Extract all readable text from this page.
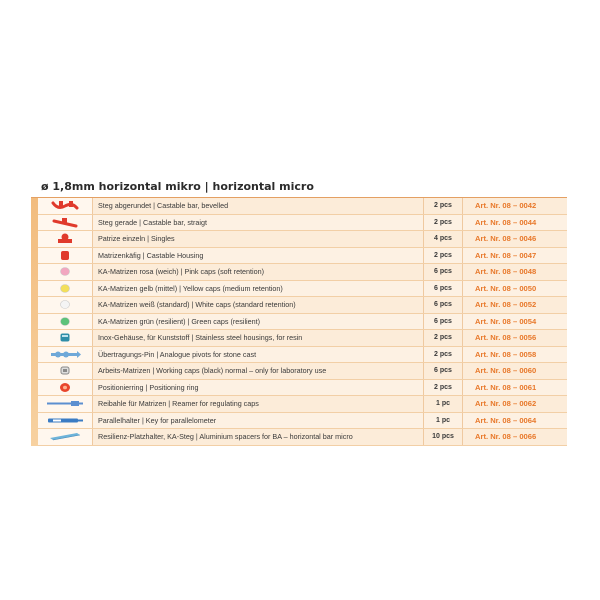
ø 1,8mm horizontal mikro | horizontal micro
Steg abgerundet | Castable bar, bevelled	2 pcs	Art. Nr. 08 – 0042
Steg gerade | Castable bar, straigt	2 pcs	Art. Nr. 08 – 0044
Patrize einzeln | Singles	4 pcs	Art. Nr. 08 – 0046
Matrizenkäfig | Castable Housing	2 pcs	Art. Nr. 08 – 0047
KA-Matrizen rosa (weich) | Pink caps (soft retention)	6 pcs	Art. Nr. 08 – 0048
KA-Matrizen gelb (mittel) | Yellow caps (medium retention)	6 pcs	Art. Nr. 08 – 0050
KA-Matrizen weiß (standard) | White caps (standard retention)	6 pcs	Art. Nr. 08 – 0052
KA-Matrizen grün (resilient) | Green caps (resilient)	6 pcs	Art. Nr. 08 – 0054
Inox-Gehäuse, für Kunststoff | Stainless steel housings, for resin	2 pcs	Art. Nr. 08 – 0056
Übertragungs-Pin | Analogue pivots for stone cast	2 pcs	Art. Nr. 08 – 0058
Arbeits-Matrizen | Working caps (black) normal – only for laboratory use	6 pcs	Art. Nr. 08 – 0060
Positionierring | Positioning ring	2 pcs	Art. Nr. 08 – 0061
Reibahle für Matrizen | Reamer for regulating caps	1 pc	Art. Nr. 08 – 0062
Parallelhalter | Key for parallelometer	1 pc	Art. Nr. 08 – 0064
Resilienz-Platzhalter, KA-Steg | Aluminium spacers for BA – horizontal bar micro	10 pcs	Art. Nr. 08 – 0066
